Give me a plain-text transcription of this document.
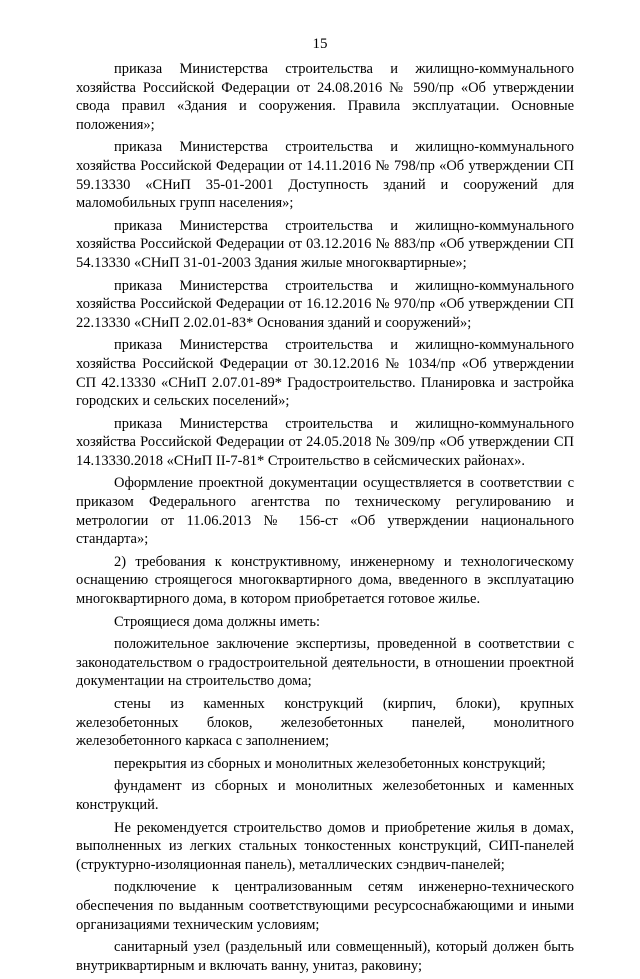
15

приказа Министерства строительства и жилищно-коммунального хозяйства Российской Федерации от 24.08.2016 № 590/пр «Об утверждении свода правил «Здания и сооружения. Правила эксплуатации. Основные положения»;

приказа Министерства строительства и жилищно-коммунального хозяйства Российской Федерации от 14.11.2016 № 798/пр «Об утверждении СП 59.13330 «СНиП 35-01-2001 Доступность зданий и сооружений для маломобильных групп населения»;

приказа Министерства строительства и жилищно-коммунального хозяйства Российской Федерации от 03.12.2016 № 883/пр «Об утверждении СП 54.13330 «СНиП 31-01-2003 Здания жилые многоквартирные»;

приказа Министерства строительства и жилищно-коммунального хозяйства Российской Федерации от 16.12.2016 № 970/пр «Об утверждении СП 22.13330 «СНиП 2.02.01-83* Основания зданий и сооружений»;

приказа Министерства строительства и жилищно-коммунального хозяйства Российской Федерации от 30.12.2016 № 1034/пр «Об утверждении СП 42.13330 «СНиП 2.07.01-89* Градостроительство. Планировка и застройка городских и сельских поселений»;

приказа Министерства строительства и жилищно-коммунального хозяйства Российской Федерации от 24.05.2018 № 309/пр «Об утверждении СП 14.13330.2018 «СНиП II-7-81* Строительство в сейсмических районах».

Оформление проектной документации осуществляется в соответствии с приказом Федерального агентства по техническому регулированию и метрологии от 11.06.2013 № 156-ст «Об утверждении национального стандарта»;

2) требования к конструктивному, инженерному и технологическому оснащению строящегося многоквартирного дома, введенного в эксплуатацию многоквартирного дома, в котором приобретается готовое жилье.

Строящиеся дома должны иметь:

положительное заключение экспертизы, проведенной в соответствии с законодательством о градостроительной деятельности, в отношении проектной документации на строительство дома;

стены из каменных конструкций (кирпич, блоки), крупных железобетонных блоков, железобетонных панелей, монолитного железобетонного каркаса с заполнением;

перекрытия из сборных и монолитных железобетонных конструкций;

фундамент из сборных и монолитных железобетонных и каменных конструкций.

Не рекомендуется строительство домов и приобретение жилья в домах, выполненных из легких стальных тонкостенных конструкций, СИП-панелей (структурно-изоляционная панель), металлических сэндвич-панелей;

подключение к централизованным сетям инженерно-технического обеспечения по выданным соответствующими ресурсоснабжающими и иными организациями техническим условиям;

санитарный узел (раздельный или совмещенный), который должен быть внутриквартирным и включать ванну, унитаз, раковину;
